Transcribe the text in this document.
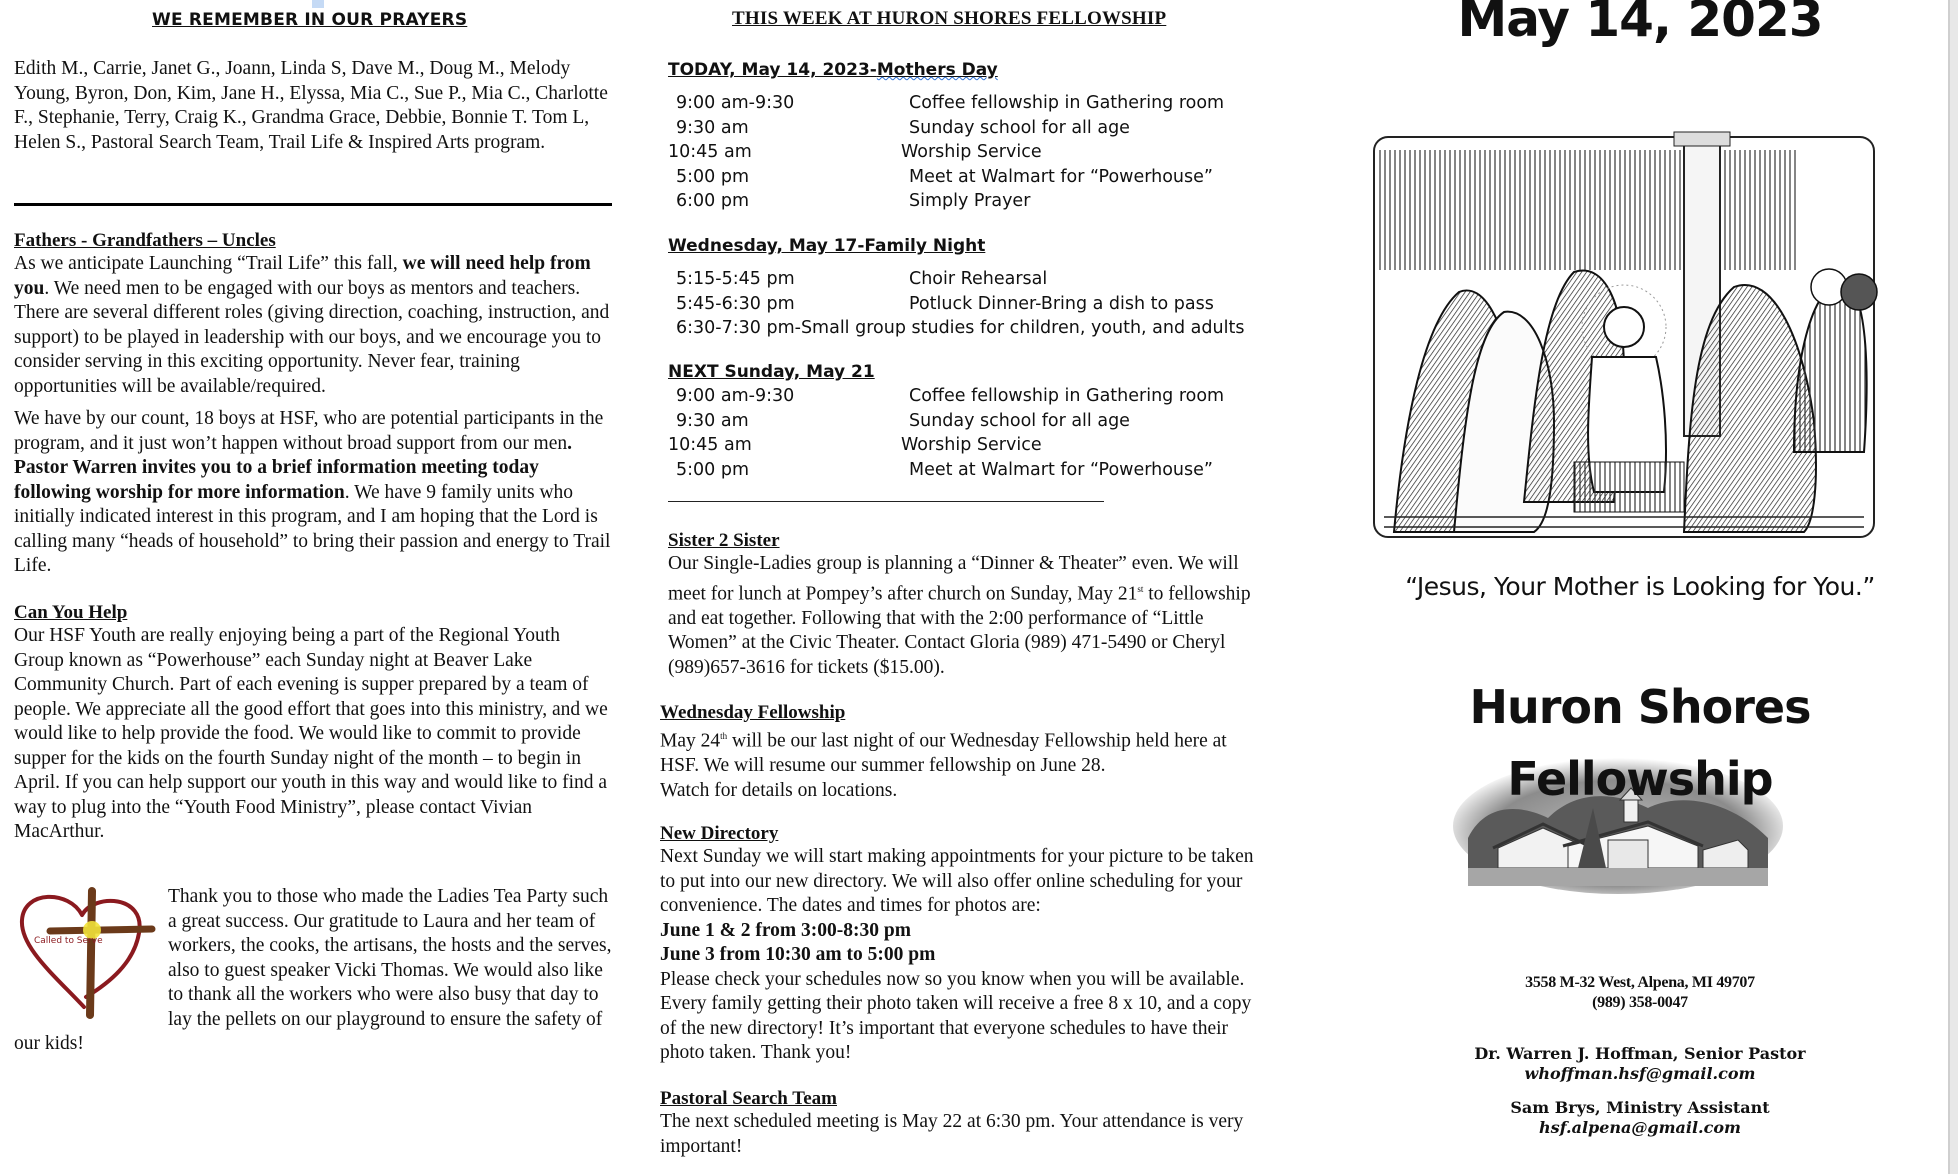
WE REMEMBER IN OUR PRAYERS

Edith M., Carrie, Janet G., Joann, Linda S, Dave M., Doug M., Melody Young, Byron, Don, Kim, Jane H., Elyssa, Mia C., Sue P., Mia C., Charlotte F., Stephanie, Terry, Craig K., Grandma Grace, Debbie, Bonnie T. Tom L, Helen S., Pastoral Search Team, Trail Life & Inspired Arts program.

Fathers - Grandfathers – Uncles

As we anticipate Launching “Trail Life” this fall, we will need help from you. We need men to be engaged with our boys as mentors and teachers. There are several different roles (giving direction, coaching, instruction, and support) to be played in leadership with our boys, and we encourage you to consider serving in this exciting opportunity. Never fear, training opportunities will be available/required.

We have by our count, 18 boys at HSF, who are potential participants in the program, and it just won’t happen without broad support from our men. Pastor Warren invites you to a brief information meeting today following worship for more information. We have 9 family units who initially indicated interest in this program, and I am hoping that the Lord is calling many “heads of household” to bring their passion and energy to Trail Life.

Can You Help

Our HSF Youth are really enjoying being a part of the Regional Youth Group known as “Powerhouse” each Sunday night at Beaver Lake Community Church. Part of each evening is supper prepared by a team of people. We appreciate all the good effort that goes into this ministry, and we would like to help provide the food. We would like to commit to provide supper for the kids on the fourth Sunday night of the month – to begin in April. If you can help support our youth in this way and would like to find a way to plug into the “Youth Food Ministry”, please contact Vivian MacArthur.

Called to Serve

Thank you to those who made the Ladies Tea Party such a great success. Our gratitude to Laura and her team of workers, the cooks, the artisans, the hosts and the serves, also to guest speaker Vicki Thomas. We would also like to thank all the workers who were also busy that day to lay the pellets on our playground to ensure the safety of our kids!

THIS WEEK AT HURON SHORES FELLOWSHIP
TODAY, May 14, 2023-Mothers Day
9:00 am-9:30	Coffee fellowship in Gathering room
9:30 am	Sunday school for all age
10:45 am	Worship Service
5:00 pm	Meet at Walmart for “Powerhouse”
6:00 pm	Simply Prayer
Wednesday, May 17-Family Night
5:15-5:45 pm	Choir Rehearsal
5:45-6:30 pm	Potluck Dinner-Bring a dish to pass
6:30-7:30 pm-Small group studies for children, youth, and adults
NEXT Sunday, May 21
9:00 am-9:30	Coffee fellowship in Gathering room
9:30 am	Sunday school for all age
10:45 am	Worship Service
5:00 pm	Meet at Walmart for “Powerhouse”
Sister 2 Sister

Our Single-Ladies group is planning a “Dinner & Theater” even. We will meet for lunch at Pompey’s after church on Sunday, May 21st to fellowship and eat together. Following that with the 2:00 performance of “Little Women” at the Civic Theater. Contact Gloria (989) 471-5490 or Cheryl (989)657-3616 for tickets ($15.00).

Wednesday Fellowship

May 24th will be our last night of our Wednesday Fellowship held here at HSF. We will resume our summer fellowship on June 28.

Watch for details on locations.

New Directory

Next Sunday we will start making appointments for your picture to be taken to put into our new directory. We will also offer online scheduling for your convenience. The dates and times for photos are:

June 1 & 2 from 3:00-8:30 pm

June 3 from 10:30 am to 5:00 pm

Please check your schedules now so you know when you will be available. Every family getting their photo taken will receive a free 8 x 10, and a copy of the new directory! It’s important that everyone schedules to have their photo taken. Thank you!

Pastoral Search Team

The next scheduled meeting is May 22 at 6:30 pm. Your attendance is very important!

May 14, 2023
“Jesus, Your Mother is Looking for You.”
Huron Shores
Fellowship
3558 M-32 West, Alpena, MI 49707
(989) 358-0047
Dr. Warren J. Hoffman, Senior Pastor
whoffman.hsf@gmail.com
Sam Brys, Ministry Assistant
hsf.alpena@gmail.com
